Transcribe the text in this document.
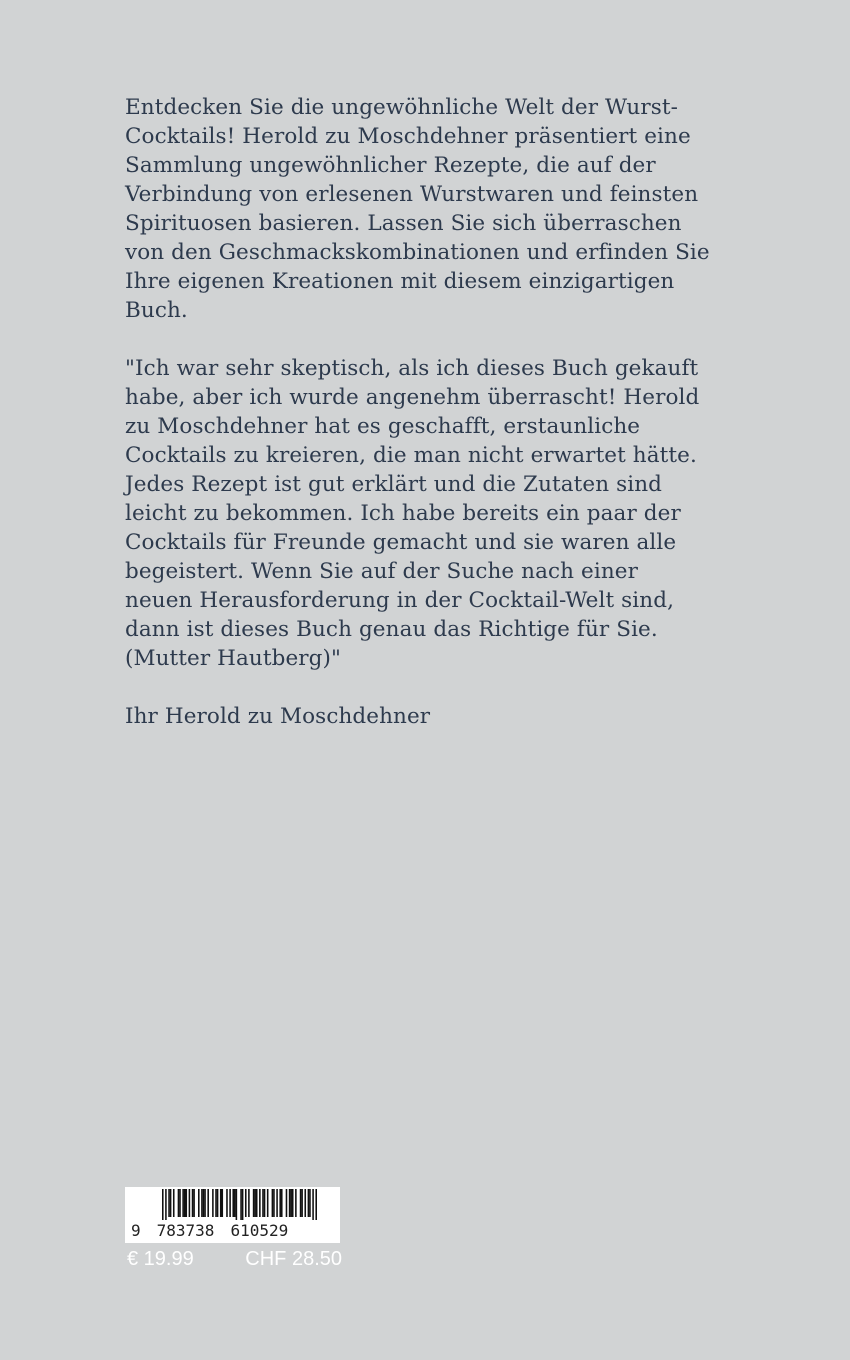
Entdecken Sie die ungewöhnliche Welt der Wurst-Cocktails! Herold zu Moschdehner präsentiert eine Sammlung ungewöhnlicher Rezepte, die auf der Verbindung von erlesenen Wurstwaren und feinsten Spirituosen basieren. Lassen Sie sich überraschen von den Geschmackskombinationen und erfinden Sie Ihre eigenen Kreationen mit diesem einzigartigen Buch.

"Ich war sehr skeptisch, als ich dieses Buch gekauft habe, aber ich wurde angenehm überrascht! Herold zu Moschdehner hat es geschafft, erstaunliche Cocktails zu kreieren, die man nicht erwartet hätte. Jedes Rezept ist gut erklärt und die Zutaten sind leicht zu bekommen. Ich habe bereits ein paar der Cocktails für Freunde gemacht und sie waren alle begeistert. Wenn Sie auf der Suche nach einer neuen Herausforderung in der Cocktail-Welt sind, dann ist dieses Buch genau das Richtige für Sie. (Mutter Hautberg)"

Ihr Herold zu Moschdehner

9 783738 610529
€ 19.99	CHF 28.50
